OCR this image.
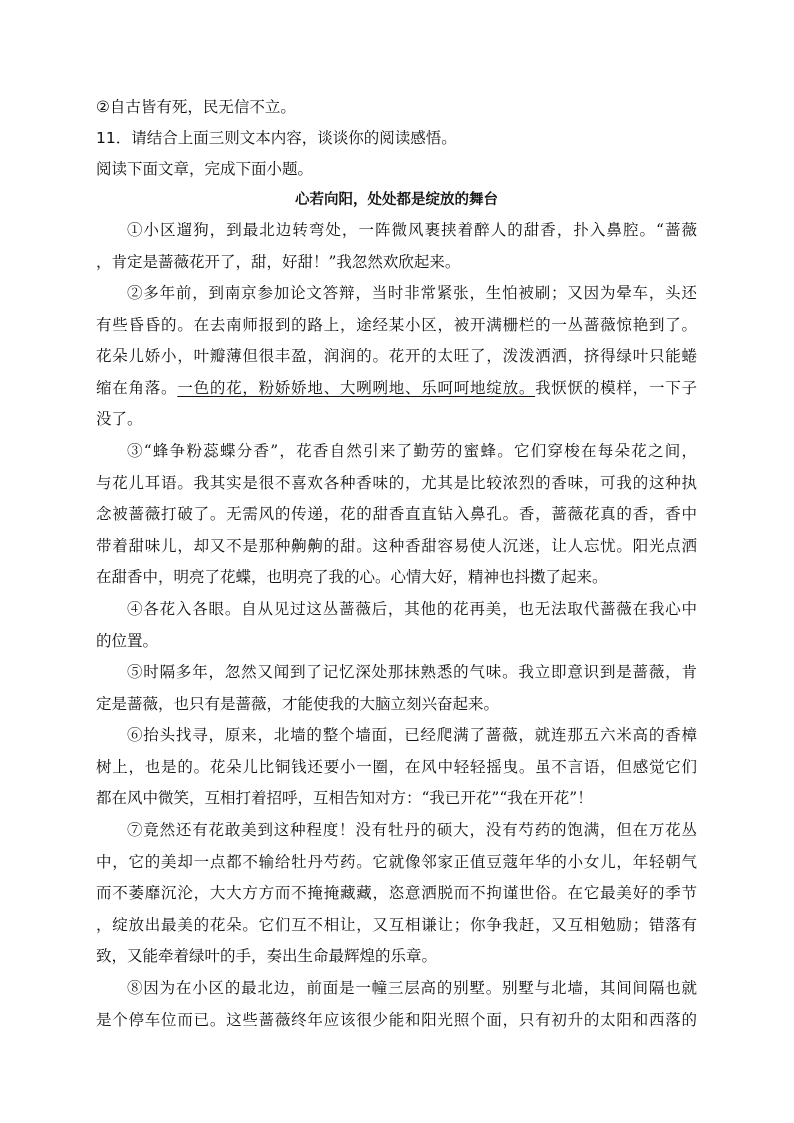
②自古皆有死，民无信不立。
11．请结合上面三则文本内容，谈谈你的阅读感悟。
阅读下面文章，完成下面小题。
心若向阳，处处都是绽放的舞台
①小区遛狗，到最北边转弯处，一阵微风裹挟着醉人的甜香，扑入鼻腔。“蔷薇
，肯定是蔷薇花开了，甜，好甜！”我忽然欢欣起来。
②多年前，到南京参加论文答辩，当时非常紧张，生怕被刷；又因为晕车，头还
有些昏昏的。在去南师报到的路上，途经某小区，被开满栅栏的一丛蔷薇惊艳到了。
花朵儿娇小，叶瓣薄但很丰盈，润润的。花开的太旺了，泼泼洒洒，挤得绿叶只能蜷
缩在角落。一色的花，粉娇娇地、大咧咧地、乐呵呵地绽放。我恹恹的模样，一下子
没了。
③“蜂争粉蕊蝶分香”，花香自然引来了勤劳的蜜蜂。它们穿梭在每朵花之间，
与花儿耳语。我其实是很不喜欢各种香味的，尤其是比较浓烈的香味，可我的这种执
念被蔷薇打破了。无需风的传递，花的甜香直直钻入鼻孔。香，蔷薇花真的香，香中
带着甜味儿，却又不是那种齁齁的甜。这种香甜容易使人沉迷，让人忘忧。阳光点洒
在甜香中，明亮了花蝶，也明亮了我的心。心情大好，精神也抖擞了起来。
④各花入各眼。自从见过这丛蔷薇后，其他的花再美，也无法取代蔷薇在我心中
的位置。
⑤时隔多年，忽然又闻到了记忆深处那抹熟悉的气味。我立即意识到是蔷薇，肯
定是蔷薇，也只有是蔷薇，才能使我的大脑立刻兴奋起来。
⑥抬头找寻，原来，北墙的整个墙面，已经爬满了蔷薇，就连那五六米高的香樟
树上，也是的。花朵儿比铜钱还要小一圈，在风中轻轻摇曳。虽不言语，但感觉它们
都在风中微笑，互相打着招呼，互相告知对方：“我已开花”“我在开花”！
⑦竟然还有花敢美到这种程度！没有牡丹的硕大，没有芍药的饱满，但在万花丛
中，它的美却一点都不输给牡丹芍药。它就像邻家正值豆蔻年华的小女儿，年轻朝气
而不萎靡沉沦，大大方方而不掩掩藏藏，恣意洒脱而不拘谨世俗。在它最美好的季节
，绽放出最美的花朵。它们互不相让，又互相谦让；你争我赶，又互相勉励；错落有
致，又能牵着绿叶的手，奏出生命最辉煌的乐章。
⑧因为在小区的最北边，前面是一幢三层高的别墅。别墅与北墙，其间间隔也就
是个停车位而已。这些蔷薇终年应该很少能和阳光照个面，只有初升的太阳和西落的
